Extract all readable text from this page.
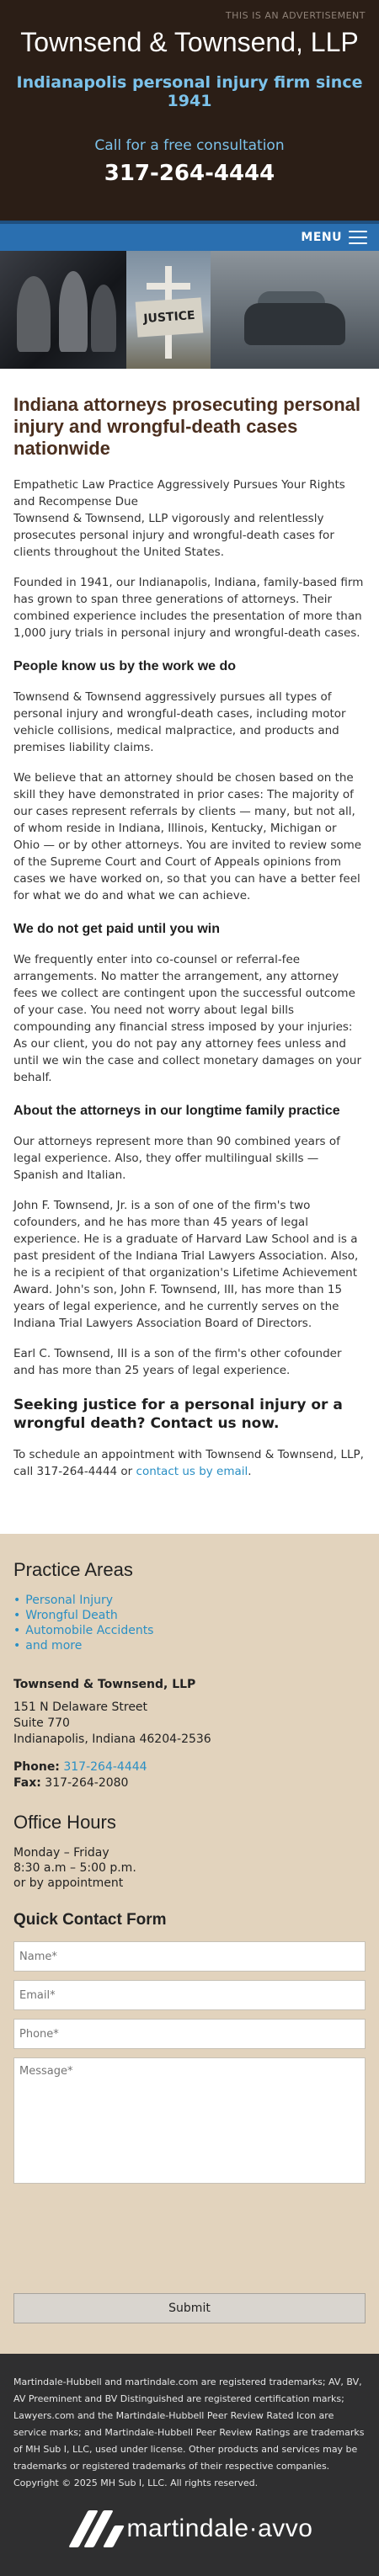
THIS IS AN ADVERTISEMENT
Townsend & Townsend, LLP
Indianapolis personal injury firm since 1941
Call for a free consultation
317-264-4444
MENU
JUSTICE
Indiana attorneys prosecuting personal injury and wrongful-death cases nationwide

Empathetic Law Practice Aggressively Pursues Your Rights and Recompense Due
Townsend & Townsend, LLP vigorously and relentlessly prosecutes personal injury and wrongful-death cases for clients throughout the United States.

Founded in 1941, our Indianapolis, Indiana, family-based firm has grown to span three generations of attorneys. Their combined experience includes the presentation of more than 1,000 jury trials in personal injury and wrongful-death cases.

People know us by the work we do

Townsend & Townsend aggressively pursues all types of personal injury and wrongful-death cases, including motor vehicle collisions, medical malpractice, and products and premises liability claims.

We believe that an attorney should be chosen based on the skill they have demonstrated in prior cases: The majority of our cases represent referrals by clients — many, but not all, of whom reside in Indiana, Illinois, Kentucky, Michigan or Ohio — or by other attorneys. You are invited to review some of the Supreme Court and Court of Appeals opinions from cases we have worked on, so that you can have a better feel for what we do and what we can achieve.

We do not get paid until you win

We frequently enter into co-counsel or referral-fee arrangements. No matter the arrangement, any attorney fees we collect are contingent upon the successful outcome of your case. You need not worry about legal bills compounding any financial stress imposed by your injuries: As our client, you do not pay any attorney fees unless and until we win the case and collect monetary damages on your behalf.

About the attorneys in our longtime family practice

Our attorneys represent more than 90 combined years of legal experience. Also, they offer multilingual skills — Spanish and Italian.

John F. Townsend, Jr. is a son of one of the firm's two cofounders, and he has more than 45 years of legal experience. He is a graduate of Harvard Law School and is a past president of the Indiana Trial Lawyers Association. Also, he is a recipient of that organization's Lifetime Achievement Award. John's son, John F. Townsend, III, has more than 15 years of legal experience, and he currently serves on the Indiana Trial Lawyers Association Board of Directors.

Earl C. Townsend, III is a son of the firm's other cofounder and has more than 25 years of legal experience.

Seeking justice for a personal injury or a wrongful death? Contact us now.

To schedule an appointment with Townsend & Townsend, LLP, call 317-264-4444 or contact us by email.

Practice Areas
• Personal Injury
• Wrongful Death
• Automobile Accidents
• and more
Townsend & Townsend, LLP
151 N Delaware Street
Suite 770
Indianapolis, Indiana 46204-2536
Phone: 317-264-4444
Fax: 317-264-2080
Office Hours

Monday – Friday

8:30 a.m – 5:00 p.m.

or by appointment

Quick Contact Form
Name*
Email*
Phone*
Message*
Submit
Martindale-Hubbell and martindale.com are registered trademarks; AV, BV, AV Preeminent and BV Distinguished are registered certification marks; Lawyers.com and the Martindale-Hubbell Peer Review Rated Icon are service marks; and Martindale-Hubbell Peer Review Ratings are trademarks of MH Sub I, LLC, used under license. Other products and services may be trademarks or registered trademarks of their respective companies. Copyright © 2025 MH Sub I, LLC. All rights reserved.
martindale·avvo
